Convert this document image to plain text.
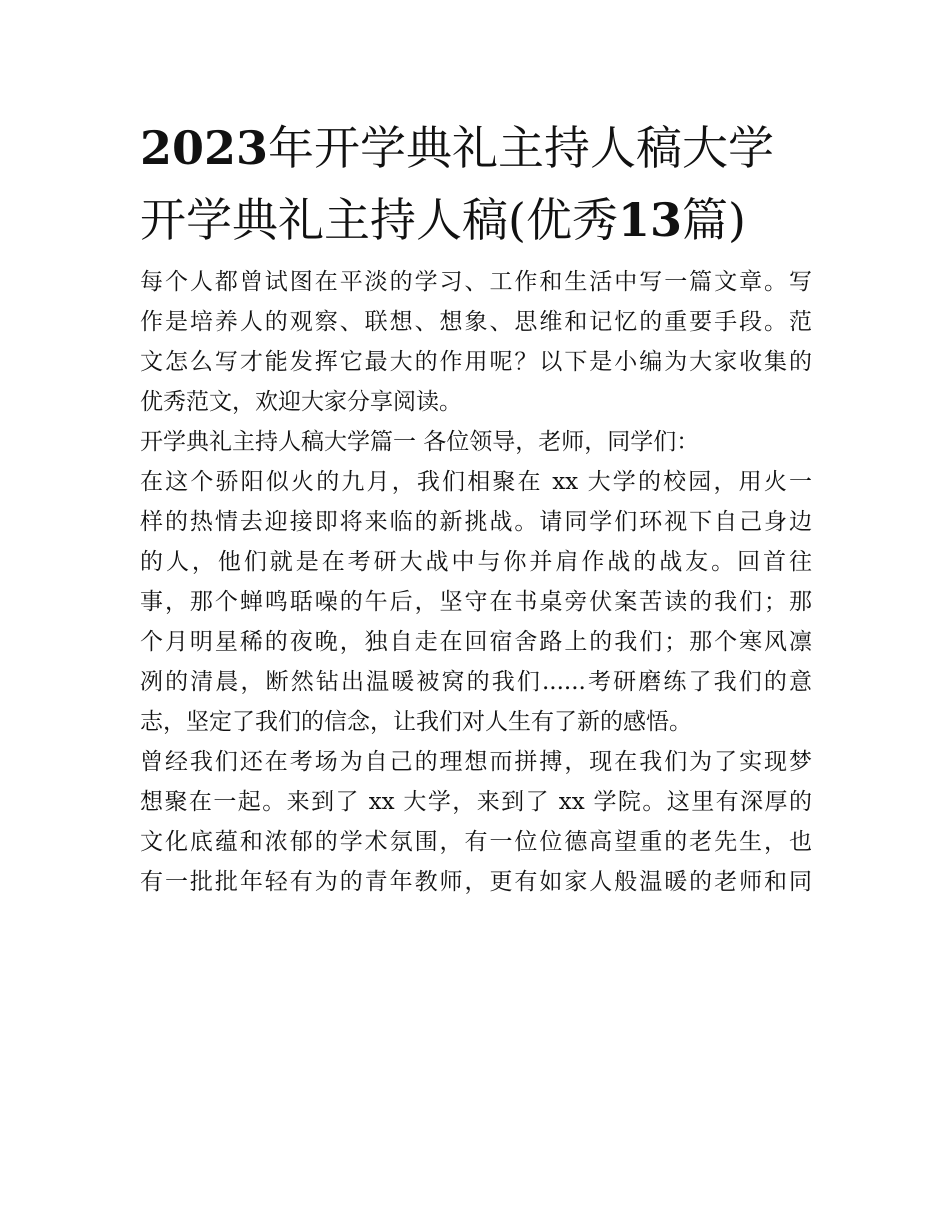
2023年开学典礼主持人稿大学
开学典礼主持人稿(优秀13篇)

每个人都曾试图在平淡的学习、工作和生活中写一篇文章。写
作是培养人的观察、联想、想象、思维和记忆的重要手段。范
文怎么写才能发挥它最大的作用呢？以下是小编为大家收集的
优秀范文，欢迎大家分享阅读。

开学典礼主持人稿大学篇一 各位领导，老师，同学们：

在这个骄阳似火的九月，我们相聚在 xx 大学的校园，用火一
样的热情去迎接即将来临的新挑战。请同学们环视下自己身边
的人，他们就是在考研大战中与你并肩作战的战友。回首往
事，那个蝉鸣聒噪的午后，坚守在书桌旁伏案苦读的我们；那
个月明星稀的夜晚，独自走在回宿舍路上的我们；那个寒风凛
冽的清晨，断然钻出温暖被窝的我们......考研磨练了我们的意
志，坚定了我们的信念，让我们对人生有了新的感悟。

曾经我们还在考场为自己的理想而拼搏，现在我们为了实现梦
想聚在一起。来到了 xx 大学，来到了 xx 学院。这里有深厚的
文化底蕴和浓郁的学术氛围，有一位位德高望重的老先生，也
有一批批年轻有为的青年教师，更有如家人般温暖的老师和同
